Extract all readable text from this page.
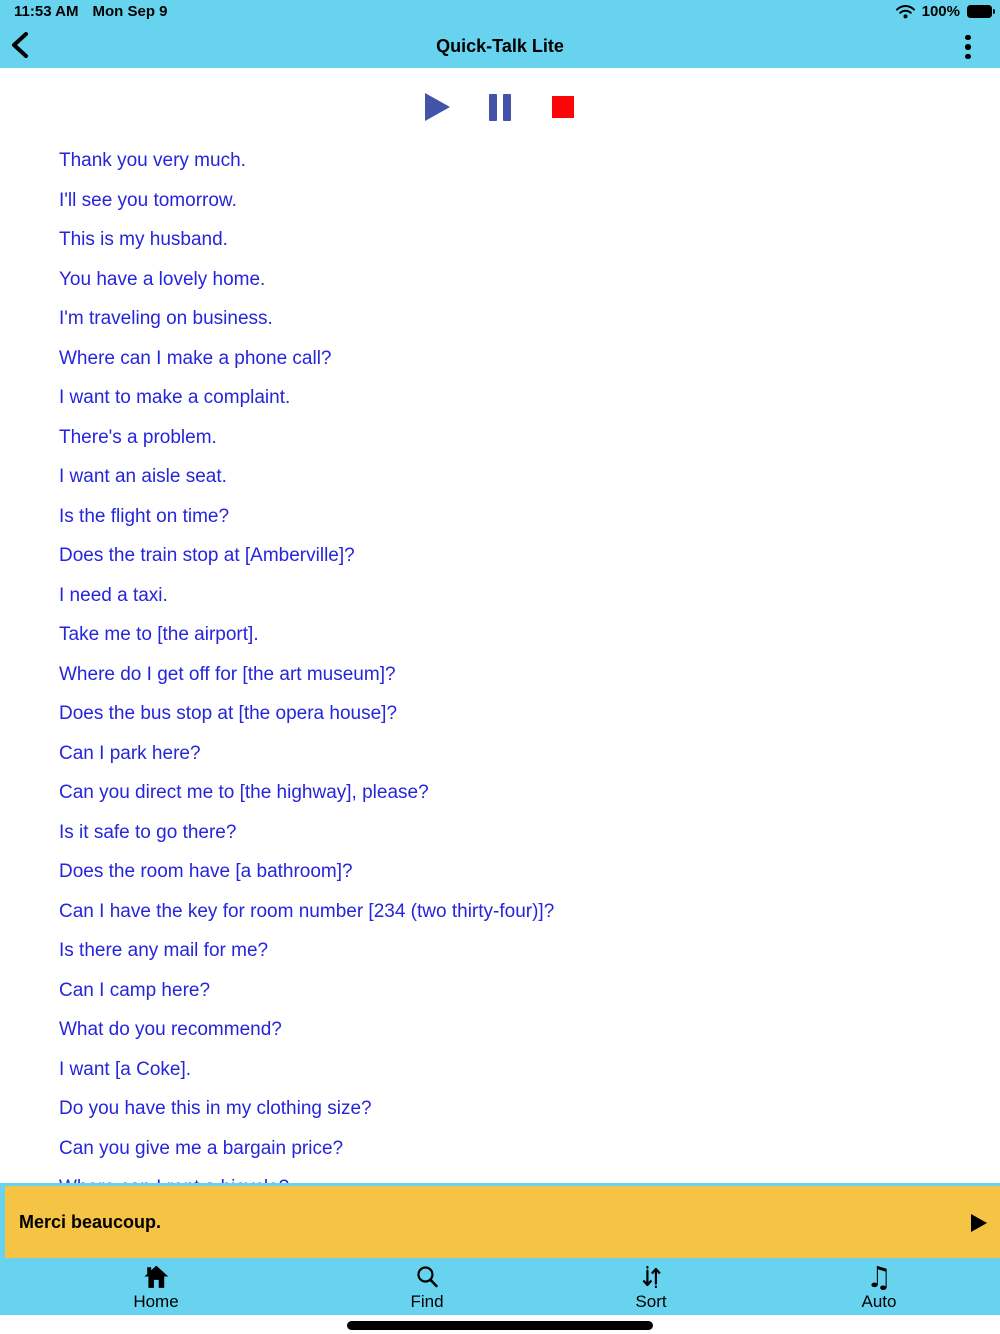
11:53 AM Mon Sep 9	100%
Quick-Talk Lite
Thank you very much.
I'll see you tomorrow.
This is my husband.
You have a lovely home.
I'm traveling on business.
Where can I make a phone call?
I want to make a complaint.
There's a problem.
I want an aisle seat.
Is the flight on time?
Does the train stop at [Amberville]?
I need a taxi.
Take me to [the airport].
Where do I get off for [the art museum]?
Does the bus stop at [the opera house]?
Can I park here?
Can you direct me to [the highway], please?
Is it safe to go there?
Does the room have [a bathroom]?
Can I have the key for room number [234 (two thirty-four)]?
Is there any mail for me?
Can I camp here?
What do you recommend?
I want [a Coke].
Do you have this in my clothing size?
Can you give me a bargain price?
Merci beaucoup.
Home	Find	Sort
♫
Auto
